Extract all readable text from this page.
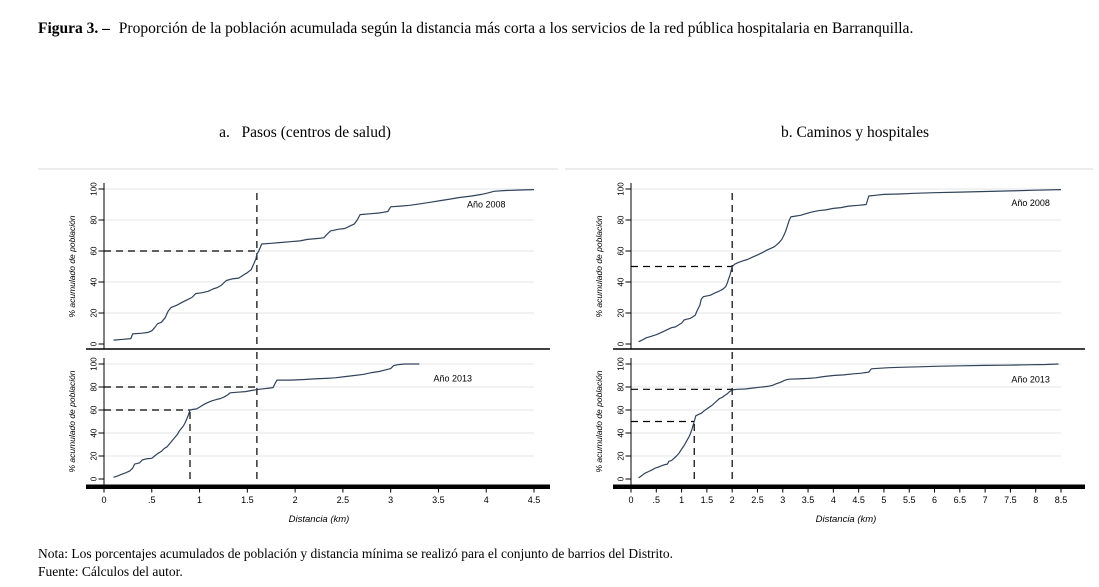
Figura 3. – Proporción de la población acumulada según la distancia más corta a los servicios de la red pública hospitalaria en Barranquilla.
a.   Pasos (centros de salud)	b. Caminos y hospitales
0
20
40
60
80
100
% acumulado de población
Año 2008
0
20
40
60
80
100
% acumulado de población	Año 2013
0	.5	1	1.5	2	2.5	3	3.5	4	4.5
Distancia (km)
0
20
40
60
80
100
% acumulado de población
Año 2008
0
20
40
60
80
100
% acumulado de población	Año 2013
0 .5 1 1.5 2 2.5 3 3.5 4 4.5 5 5.5 6 6.5 7 7.5 8 8.5
Distancia (km)
Nota: Los porcentajes acumulados de población y distancia mínima se realizó para el conjunto de barrios del Distrito.
Fuente: Cálculos del autor.
